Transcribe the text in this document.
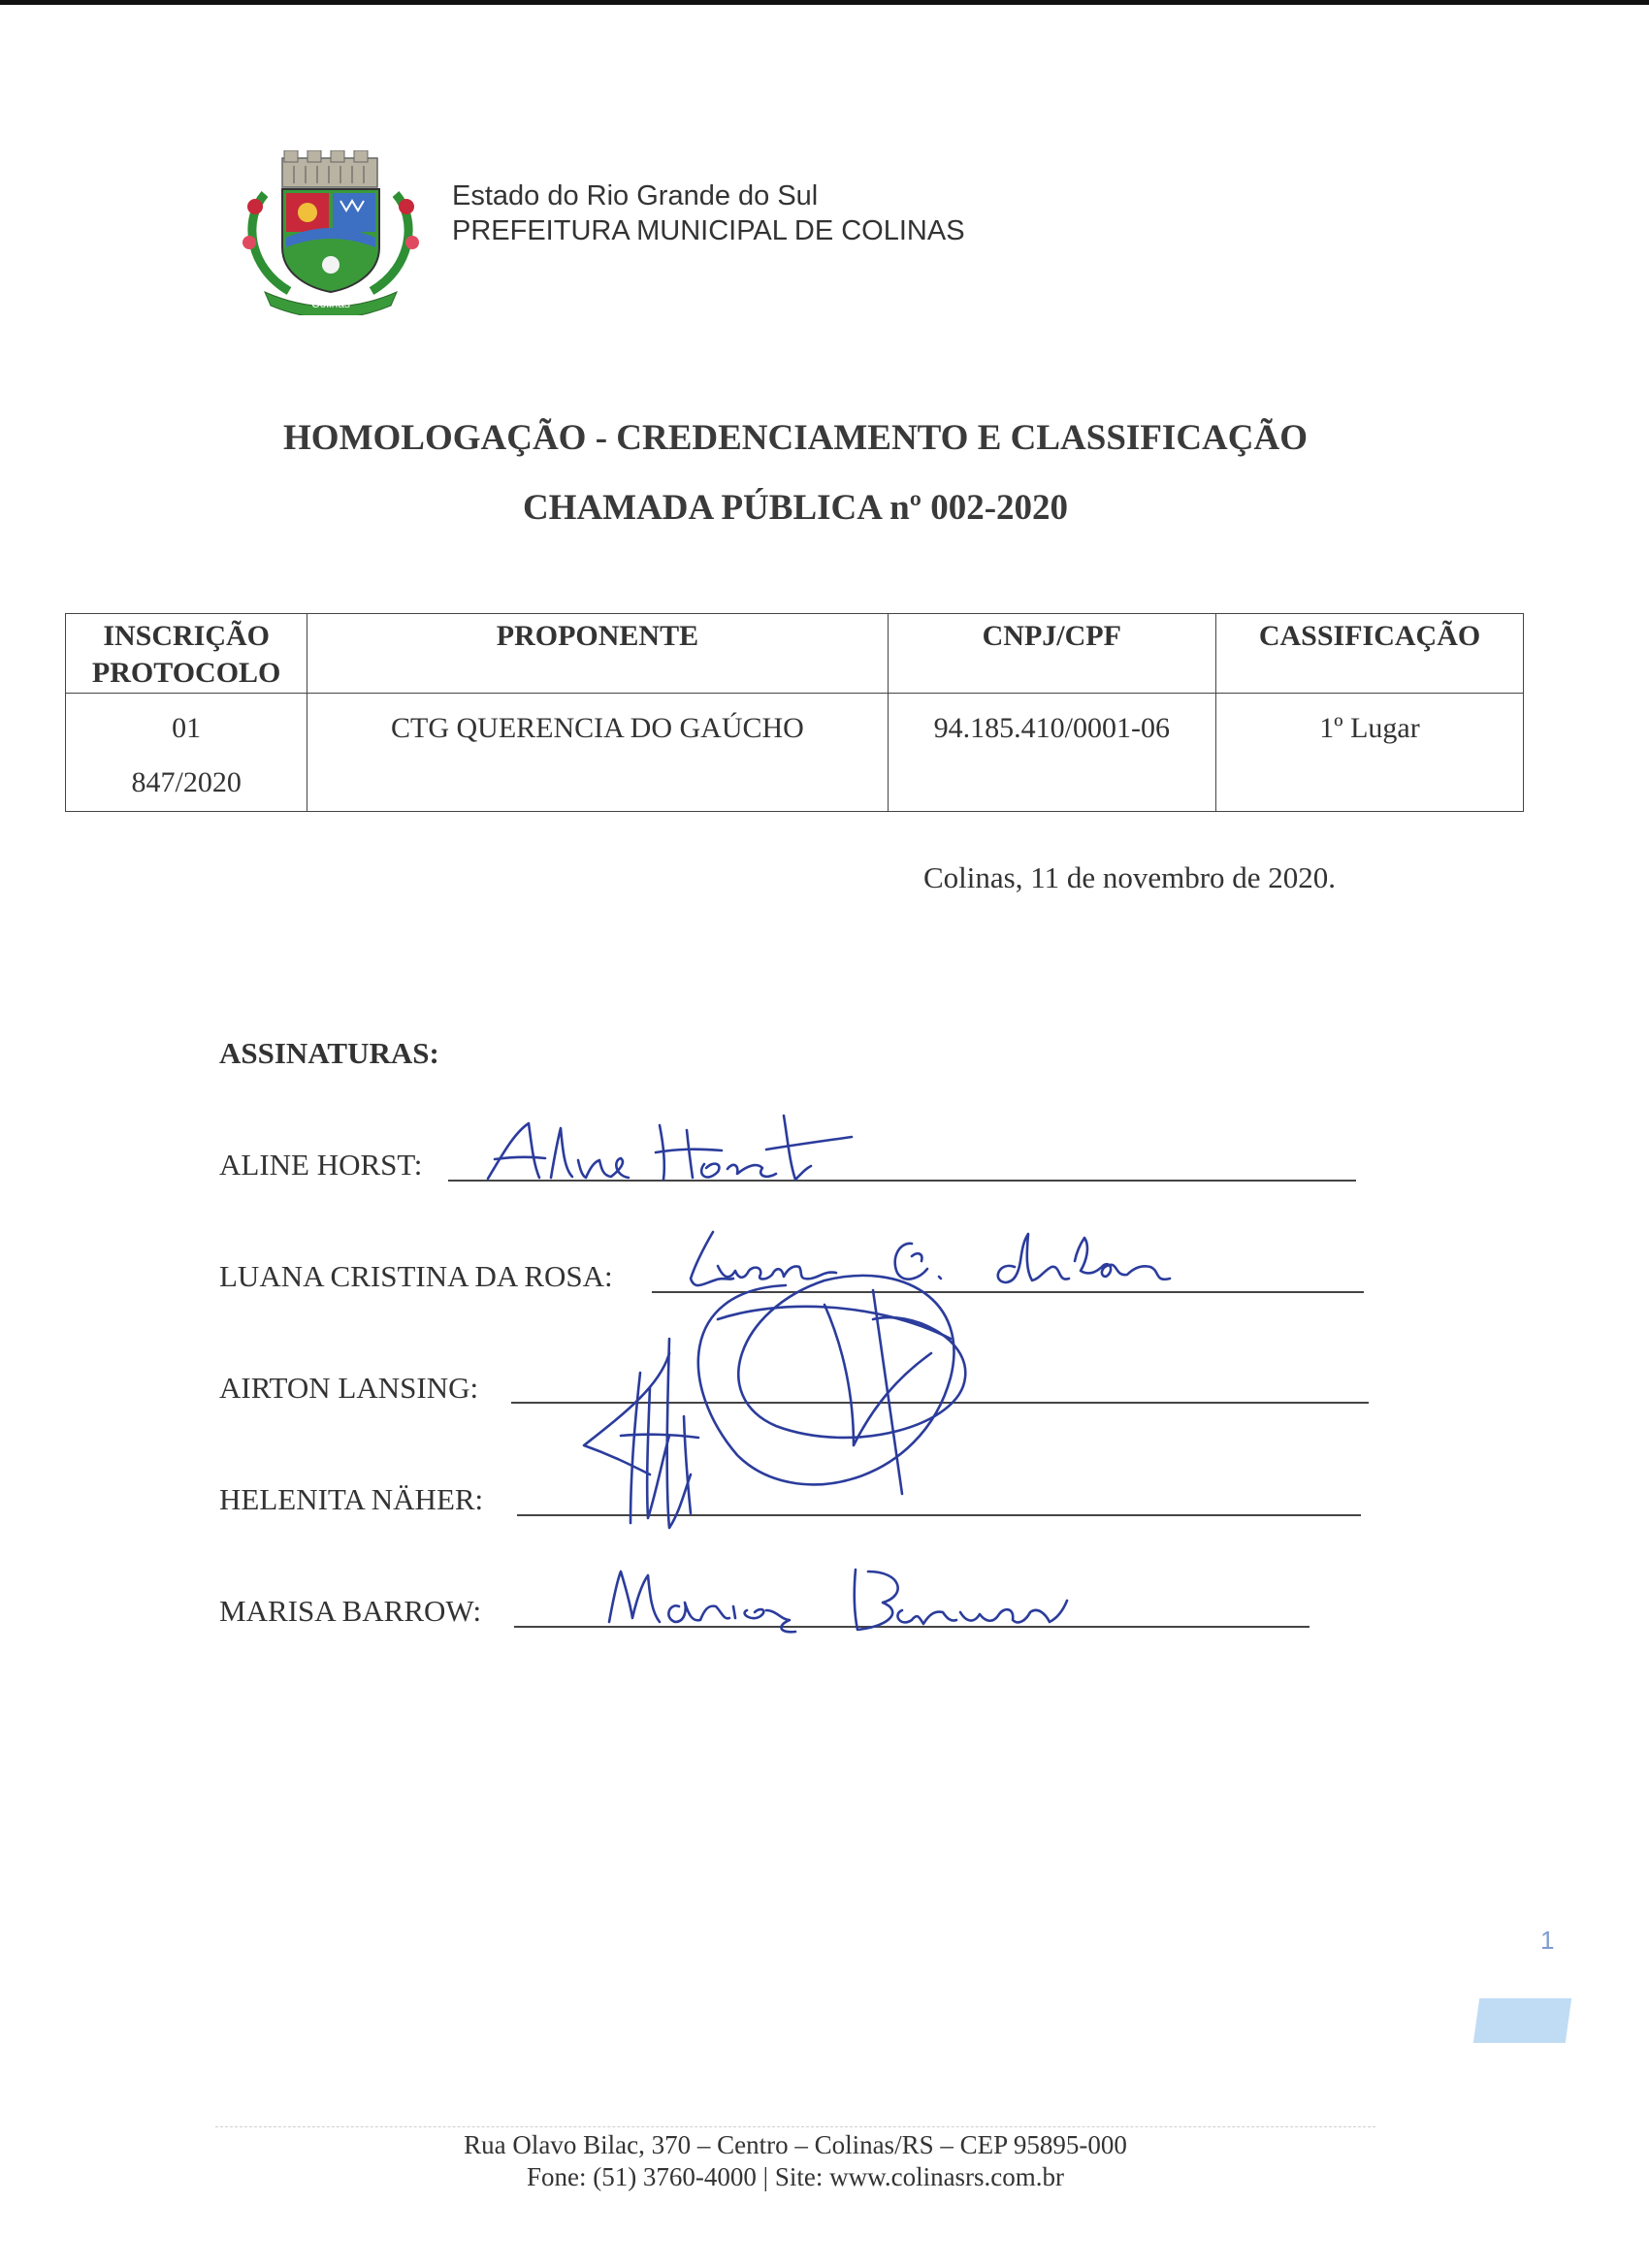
Colinas
Estado do Rio Grande do Sul
PREFEITURA MUNICIPAL DE COLINAS
HOMOLOGAÇÃO - CREDENCIAMENTO E CLASSIFICAÇÃO
CHAMADA PÚBLICA nº 002-2020
INSCRIÇÃO
PROTOCOLO	PROPONENTE	CNPJ/CPF	CASSIFICAÇÃO

01
847/2020	CTG QUERENCIA DO GAÚCHO	94.185.410/0001-06	1º Lugar
Colinas, 11 de novembro de 2020.
ASSINATURAS:
ALINE HORST:
LUANA CRISTINA DA ROSA:
AIRTON LANSING:
HELENITA NÄHER:
MARISA BARROW:
1
Rua Olavo Bilac, 370 – Centro – Colinas/RS – CEP 95895-000
Fone: (51) 3760-4000 | Site: www.colinasrs.com.br
